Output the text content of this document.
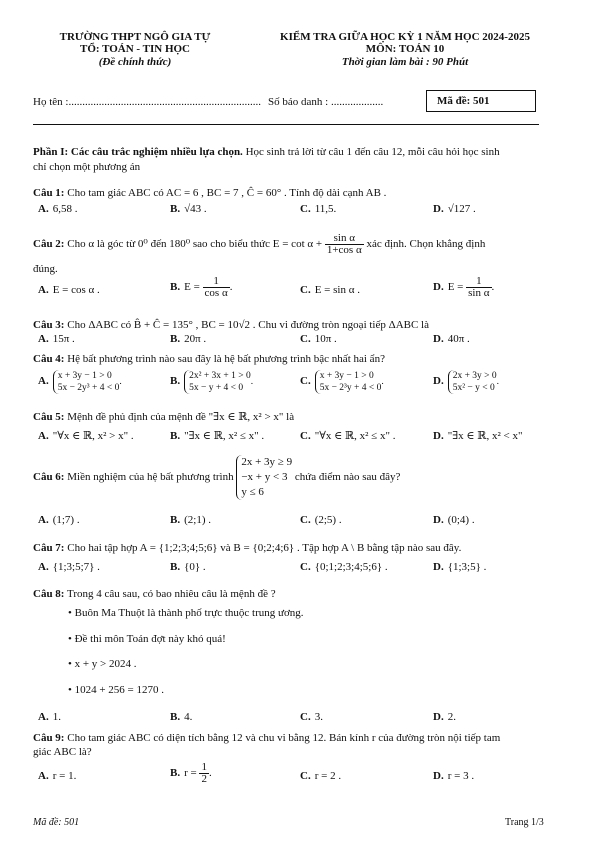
TRƯỜNG THPT NGÔ GIA TỰ
TỔ: TOÁN - TIN HỌC
(Đề chính thức)
KIỂM TRA GIỮA HỌC KỲ 1 NĂM HỌC 2024-2025
MÔN: TOÁN 10
Thời gian làm bài : 90 Phút
Họ tên :...................................................................... Số báo danh : ...................	Mã đề: 501
Phần I: Các câu trắc nghiệm nhiều lựa chọn. Học sinh trả lời từ câu 1 đến câu 12, mỗi câu hỏi học sinh
chỉ chọn một phương án
Câu 1: Cho tam giác ABC có AC = 6 , BC = 7 , Ĉ = 60° . Tính độ dài cạnh AB .
A. 6,58 .	B. √43 .	C. 11,5.	D. √127 .
Câu 2: Cho α là góc từ 0⁰ đến 180⁰ sao cho biểu thức $E = \cot \alpha + \frac{\text{sin α}}{\text{1+cos α}}$ xác định. Chọn khẳng định
đúng.
A. E = cos α .	B. $E = \frac{1}{\text{cos α}}$ .	C. E = sin α .	D. $E = \frac{1}{\text{sin α}}$ .
Câu 3: Cho ΔABC có B̂ + Ĉ = 135° , BC = 10√2 . Chu vi đường tròn ngoại tiếp ΔABC là
A. 15π .	B. 20π .	C. 10π .	D. 40π .
Câu 4: Hệ bất phương trình nào sau đây là hệ bất phương trình bậc nhất hai ẩn?
A. x + 3y − 1 > 0
5x − 2y³ + 4 < 0
.	B. 2x² + 3x + 1 > 0
5x − y + 4 < 0
.	C. x + 3y − 1 > 0
5x − 2³y + 4 < 0
.	D. 2x + 3y > 0
5x² − y < 0
.
Câu 5: Mệnh đề phủ định của mệnh đề "∃x ∈ ℝ, x² > x" là
A. "∀x ∈ ℝ, x² > x" .	B. "∃x ∈ ℝ, x² ≤ x" .	C. "∀x ∈ ℝ, x² ≤ x" .	D. "∃x ∈ ℝ, x² < x"
Câu 6: Miền nghiệm của hệ bất phương trình
2x + 3y ≥ 9
−x + y < 3
y ≤ 6
chứa điểm nào sau đây?
A. (1;7) .	B. (2;1) .	C. (2;5) .	D. (0;4) .
Câu 7: Cho hai tập hợp A = {1;2;3;4;5;6} và B = {0;2;4;6} . Tập hợp A \ B bằng tập nào sau đây.
A. {1;3;5;7} .	B. {0} .	C. {0;1;2;3;4;5;6} .	D. {1;3;5} .
Câu 8: Trong 4 câu sau, có bao nhiêu câu là mệnh đề ?
• Buôn Ma Thuột là thành phố trực thuộc trung ương.
• Đề thi môn Toán đợt này khó quá!
• x + y > 2024 .
• 1024 + 256 = 1270 .
A. 1.	B. 4.	C. 3.	D. 2.
Câu 9: Cho tam giác ABC có diện tích bằng 12 và chu vi bằng 12. Bán kính r của đường tròn nội tiếp tam
giác ABC là?
A. r = 1.	B. $r = \frac{1}{2}$ .	C. r = 2 .	D. r = 3 .
Mã đề: 501	Trang 1/3
